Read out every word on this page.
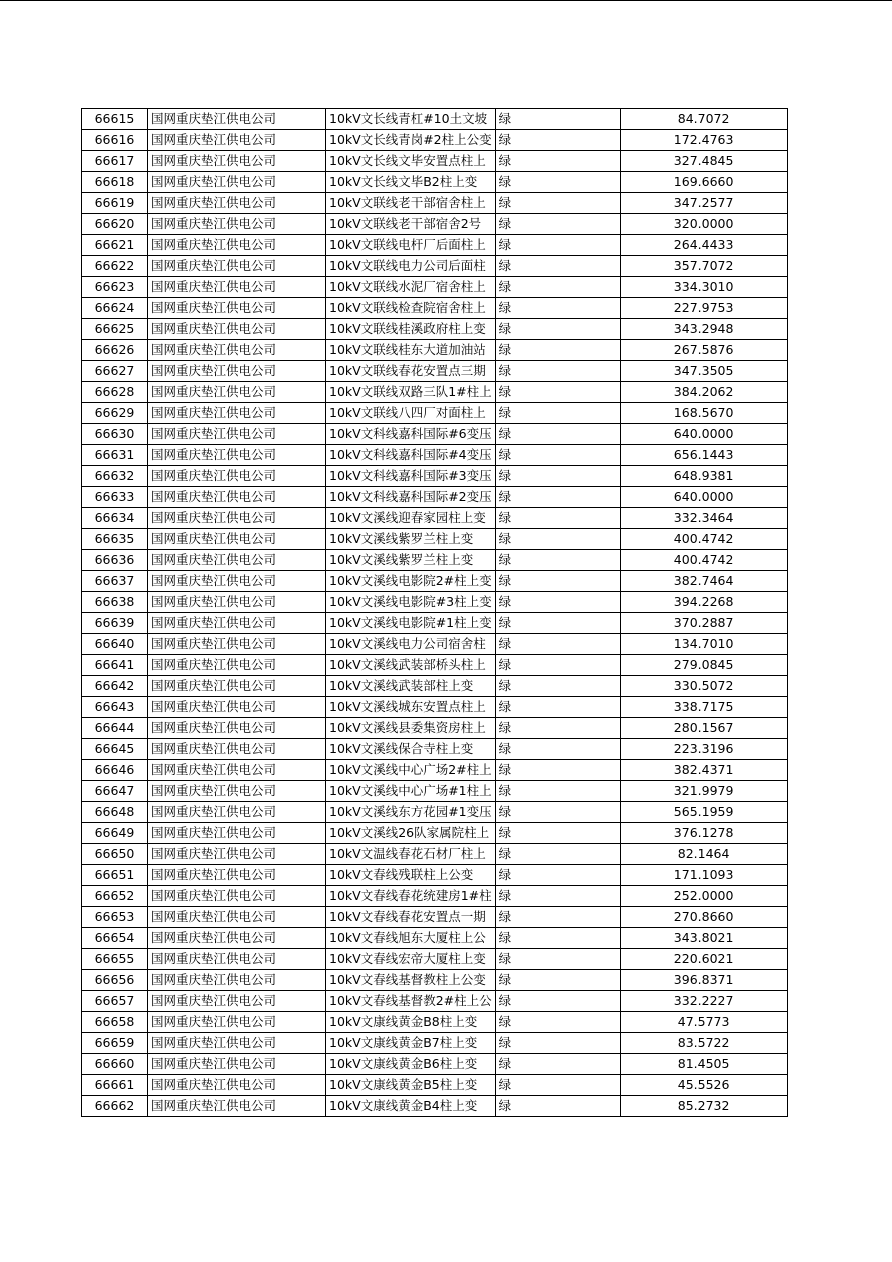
66615	国网重庆垫江供电公司	10kV文长线青杠#10土文坡	绿	84.7072
66616	国网重庆垫江供电公司	10kV文长线青岗#2柱上公变	绿	172.4763
66617	国网重庆垫江供电公司	10kV文长线文毕安置点柱上	绿	327.4845
66618	国网重庆垫江供电公司	10kV文长线文毕B2柱上变	绿	169.6660
66619	国网重庆垫江供电公司	10kV文联线老干部宿舍柱上	绿	347.2577
66620	国网重庆垫江供电公司	10kV文联线老干部宿舍2号	绿	320.0000
66621	国网重庆垫江供电公司	10kV文联线电杆厂后面柱上	绿	264.4433
66622	国网重庆垫江供电公司	10kV文联线电力公司后面柱	绿	357.7072
66623	国网重庆垫江供电公司	10kV文联线水泥厂宿舍柱上	绿	334.3010
66624	国网重庆垫江供电公司	10kV文联线检查院宿舍柱上	绿	227.9753
66625	国网重庆垫江供电公司	10kV文联线桂溪政府柱上变	绿	343.2948
66626	国网重庆垫江供电公司	10kV文联线桂东大道加油站	绿	267.5876
66627	国网重庆垫江供电公司	10kV文联线春花安置点三期	绿	347.3505
66628	国网重庆垫江供电公司	10kV文联线双路三队1#柱上	绿	384.2062
66629	国网重庆垫江供电公司	10kV文联线八四厂对面柱上	绿	168.5670
66630	国网重庆垫江供电公司	10kV文科线嘉科国际#6变压	绿	640.0000
66631	国网重庆垫江供电公司	10kV文科线嘉科国际#4变压	绿	656.1443
66632	国网重庆垫江供电公司	10kV文科线嘉科国际#3变压	绿	648.9381
66633	国网重庆垫江供电公司	10kV文科线嘉科国际#2变压	绿	640.0000
66634	国网重庆垫江供电公司	10kV文溪线迎春家园柱上变	绿	332.3464
66635	国网重庆垫江供电公司	10kV文溪线紫罗兰柱上变	绿	400.4742
66636	国网重庆垫江供电公司	10kV文溪线紫罗兰柱上变	绿	400.4742
66637	国网重庆垫江供电公司	10kV文溪线电影院2#柱上变	绿	382.7464
66638	国网重庆垫江供电公司	10kV文溪线电影院#3柱上变	绿	394.2268
66639	国网重庆垫江供电公司	10kV文溪线电影院#1柱上变	绿	370.2887
66640	国网重庆垫江供电公司	10kV文溪线电力公司宿舍柱	绿	134.7010
66641	国网重庆垫江供电公司	10kV文溪线武装部桥头柱上	绿	279.0845
66642	国网重庆垫江供电公司	10kV文溪线武装部柱上变	绿	330.5072
66643	国网重庆垫江供电公司	10kV文溪线城东安置点柱上	绿	338.7175
66644	国网重庆垫江供电公司	10kV文溪线县委集资房柱上	绿	280.1567
66645	国网重庆垫江供电公司	10kV文溪线保合寺柱上变	绿	223.3196
66646	国网重庆垫江供电公司	10kV文溪线中心广场2#柱上	绿	382.4371
66647	国网重庆垫江供电公司	10kV文溪线中心广场#1柱上	绿	321.9979
66648	国网重庆垫江供电公司	10kV文溪线东方花园#1变压	绿	565.1959
66649	国网重庆垫江供电公司	10kV文溪线26队家属院柱上	绿	376.1278
66650	国网重庆垫江供电公司	10kV文温线春花石材厂柱上	绿	82.1464
66651	国网重庆垫江供电公司	10kV文春线残联柱上公变	绿	171.1093
66652	国网重庆垫江供电公司	10kV文春线春花统建房1#柱	绿	252.0000
66653	国网重庆垫江供电公司	10kV文春线春花安置点一期	绿	270.8660
66654	国网重庆垫江供电公司	10kV文春线旭东大厦柱上公	绿	343.8021
66655	国网重庆垫江供电公司	10kV文春线宏帝大厦柱上变	绿	220.6021
66656	国网重庆垫江供电公司	10kV文春线基督教柱上公变	绿	396.8371
66657	国网重庆垫江供电公司	10kV文春线基督教2#柱上公	绿	332.2227
66658	国网重庆垫江供电公司	10kV文康线黄金B8柱上变	绿	47.5773
66659	国网重庆垫江供电公司	10kV文康线黄金B7柱上变	绿	83.5722
66660	国网重庆垫江供电公司	10kV文康线黄金B6柱上变	绿	81.4505
66661	国网重庆垫江供电公司	10kV文康线黄金B5柱上变	绿	45.5526
66662	国网重庆垫江供电公司	10kV文康线黄金B4柱上变	绿	85.2732
